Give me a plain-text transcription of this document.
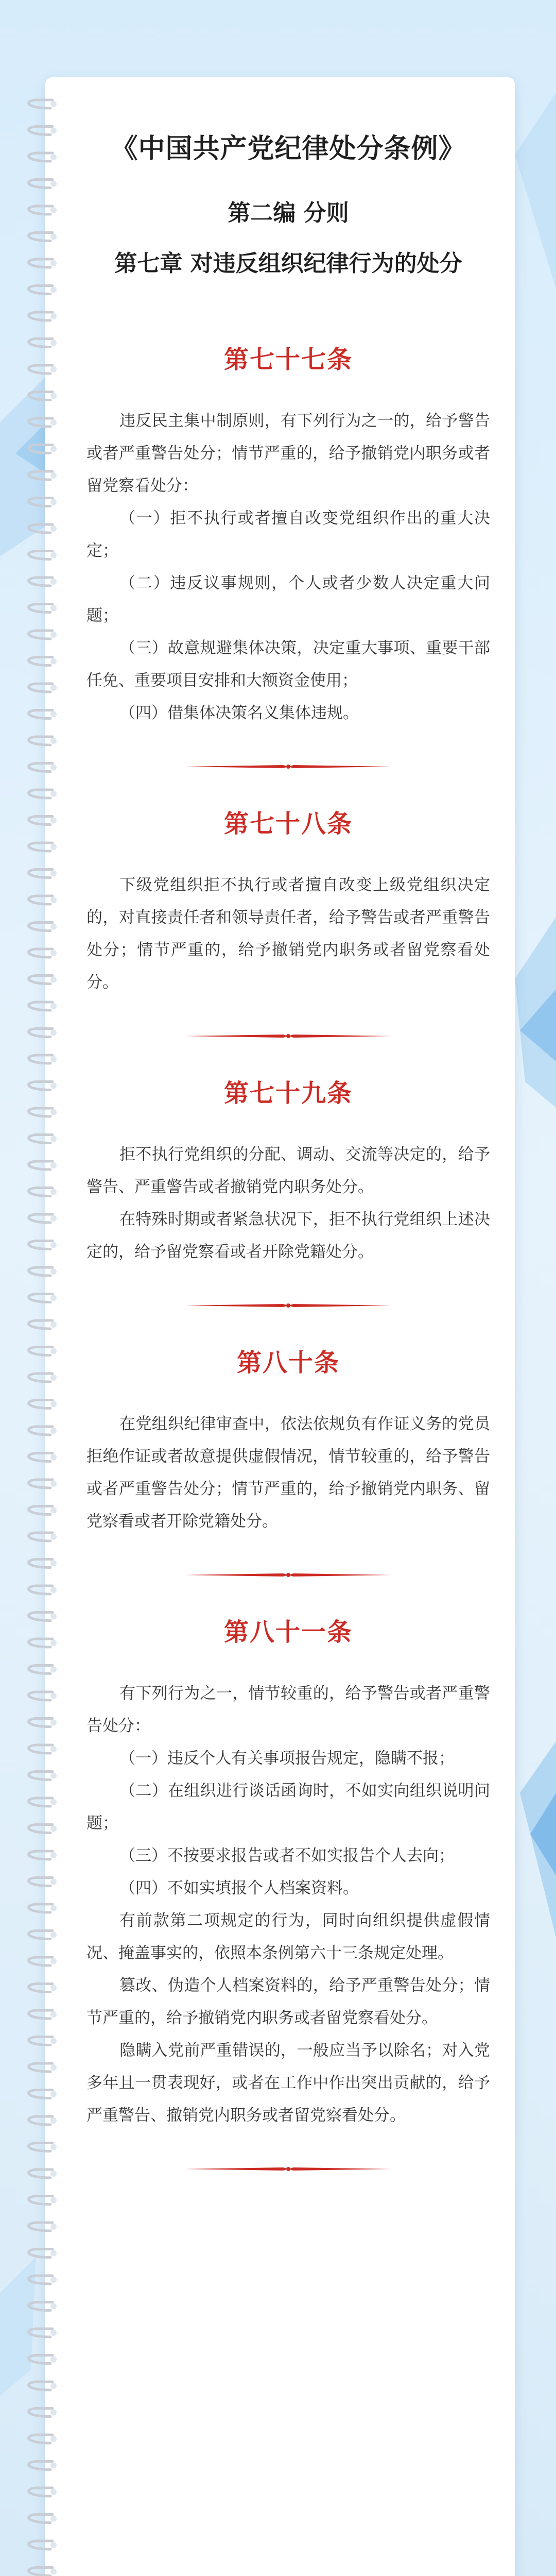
《中国共产党纪律处分条例》
第二编 分则
第七章 对违反组织纪律行为的处分
第七十七条

违反民主集中制原则，有下列行为之一的，给予警告或者严重警告处分；情节严重的，给予撤销党内职务或者留党察看处分：

（一）拒不执行或者擅自改变党组织作出的重大决定；

（二）违反议事规则，个人或者少数人决定重大问题；

（三）故意规避集体决策，决定重大事项、重要干部任免、重要项目安排和大额资金使用；

（四）借集体决策名义集体违规。

第七十八条

下级党组织拒不执行或者擅自改变上级党组织决定的，对直接责任者和领导责任者，给予警告或者严重警告处分；情节严重的，给予撤销党内职务或者留党察看处分。

第七十九条

拒不执行党组织的分配、调动、交流等决定的，给予警告、严重警告或者撤销党内职务处分。

在特殊时期或者紧急状况下，拒不执行党组织上述决定的，给予留党察看或者开除党籍处分。

第八十条

在党组织纪律审查中，依法依规负有作证义务的党员拒绝作证或者故意提供虚假情况，情节较重的，给予警告或者严重警告处分；情节严重的，给予撤销党内职务、留党察看或者开除党籍处分。

第八十一条

有下列行为之一，情节较重的，给予警告或者严重警告处分：

（一）违反个人有关事项报告规定，隐瞒不报；

（二）在组织进行谈话函询时，不如实向组织说明问题；

（三）不按要求报告或者不如实报告个人去向；

（四）不如实填报个人档案资料。

有前款第二项规定的行为，同时向组织提供虚假情况、掩盖事实的，依照本条例第六十三条规定处理。

篡改、伪造个人档案资料的，给予严重警告处分；情节严重的，给予撤销党内职务或者留党察看处分。

隐瞒入党前严重错误的，一般应当予以除名；对入党多年且一贯表现好，或者在工作中作出突出贡献的，给予严重警告、撤销党内职务或者留党察看处分。
